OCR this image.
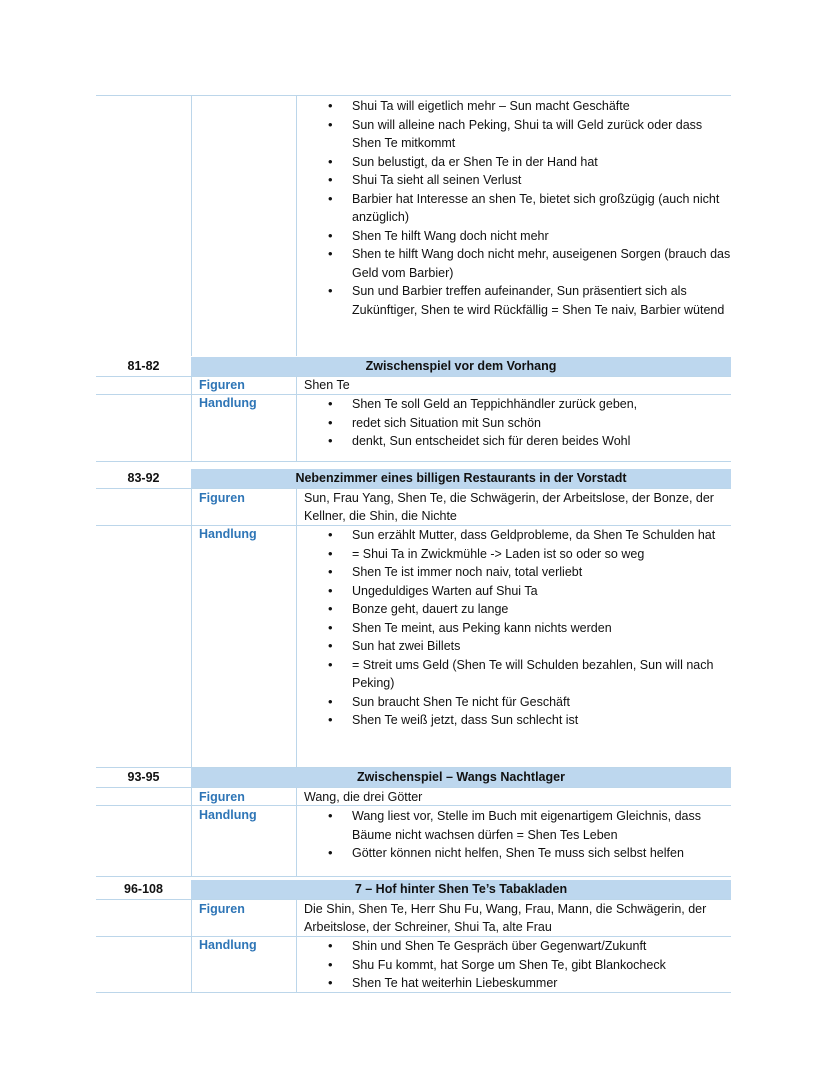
• Shui Ta will eigetlich mehr – Sun macht Geschäfte
• Sun will alleine nach Peking, Shui ta will Geld zurück oder dass Shen Te mitkommt
• Sun belustigt, da er Shen Te in der Hand hat
• Shui Ta sieht all seinen Verlust
• Barbier hat Interesse an shen Te, bietet sich großzügig (auch nicht anzüglich)
• Shen Te hilft Wang doch nicht mehr
• Shen te hilft Wang doch nicht mehr, auseigenen Sorgen (brauch das Geld vom Barbier)
• Sun und Barbier treffen aufeinander, Sun präsentiert sich als Zukünftiger, Shen te wird Rückfällig = Shen Te naiv, Barbier wütend
81-82	Zwischenspiel vor dem Vorhang
Figuren	Shen Te
Handlung	• Shen Te soll Geld an Teppichhändler zurück geben,
• redet sich Situation mit Sun schön
• denkt, Sun entscheidet sich für deren beides Wohl
83-92	Nebenzimmer eines billigen Restaurants in der Vorstadt
Figuren	Sun, Frau Yang, Shen Te, die Schwägerin, der Arbeitslose, der Bonze, der Kellner, die Shin, die Nichte
Handlung	• Sun erzählt Mutter, dass Geldprobleme, da Shen Te Schulden hat
• = Shui Ta in Zwickmühle -> Laden ist so oder so weg
• Shen Te ist immer noch naiv, total verliebt
• Ungeduldiges Warten auf Shui Ta
• Bonze geht, dauert zu lange
• Shen Te meint, aus Peking kann nichts werden
• Sun hat zwei Billets
• = Streit ums Geld (Shen Te will Schulden bezahlen, Sun will nach Peking)
• Sun braucht Shen Te nicht für Geschäft
• Shen Te weiß jetzt, dass Sun schlecht ist
93-95	Zwischenspiel – Wangs Nachtlager
Figuren	Wang, die drei Götter
Handlung	• Wang liest vor, Stelle im Buch mit eigenartigem Gleichnis, dass Bäume nicht wachsen dürfen = Shen Tes Leben
• Götter können nicht helfen, Shen Te muss sich selbst helfen
96-108	7 – Hof hinter Shen Te’s Tabakladen
Figuren	Die Shin, Shen Te, Herr Shu Fu, Wang, Frau, Mann, die Schwägerin, der Arbeitslose, der Schreiner, Shui Ta, alte Frau
Handlung	• Shin und Shen Te Gespräch über Gegenwart/Zukunft
• Shu Fu kommt, hat Sorge um Shen Te, gibt Blankocheck
• Shen Te hat weiterhin Liebeskummer
